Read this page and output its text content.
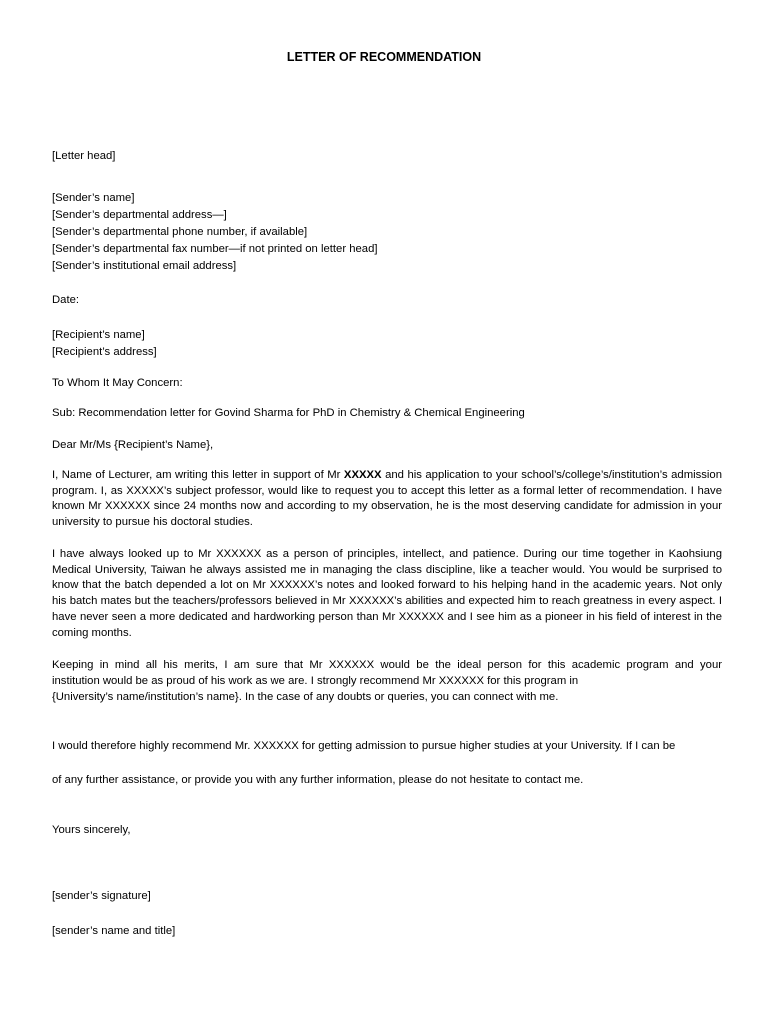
LETTER OF RECOMMENDATION
[Letter head]
[Sender’s name]
[Sender’s departmental address—]
[Sender’s departmental phone number, if available]
[Sender’s departmental fax number—if not printed on letter head]
[Sender’s institutional email address]
Date:
[Recipient’s name]
[Recipient’s address]
To Whom It May Concern:
Sub: Recommendation letter for Govind Sharma for PhD in Chemistry & Chemical Engineering
Dear Mr/Ms {Recipient’s Name},
I, Name of Lecturer, am writing this letter in support of Mr XXXXX and his application to your school’s/college’s/institution’s admission program. I, as XXXXX’s subject professor, would like to request you to accept this letter as a formal letter of recommendation. I have known Mr XXXXXX since 24 months now and according to my observation, he is the most deserving candidate for admission in your university to pursue his doctoral studies.
I have always looked up to Mr XXXXXX as a person of principles, intellect, and patience. During our time together in Kaohsiung Medical University, Taiwan he always assisted me in managing the class discipline, like a teacher would. You would be surprised to know that the batch depended a lot on Mr XXXXXX’s notes and looked forward to his helping hand in the academic years. Not only his batch mates but the teachers/professors believed in Mr XXXXXX’s abilities and expected him to reach greatness in every aspect. I have never seen a more dedicated and hardworking person than Mr XXXXXX and I see him as a pioneer in his field of interest in the coming months.
Keeping in mind all his merits, I am sure that Mr XXXXXX would be the ideal person for this academic program and your
institution would be as proud of his work as we are. I strongly recommend Mr XXXXXX for this program in
{University’s name/institution’s name}. In the case of any doubts or queries, you can connect with me.
I would therefore highly recommend Mr. XXXXXX for getting admission to pursue higher studies at your University. If I can be
of any further assistance, or provide you with any further information, please do not hesitate to contact me.
Yours sincerely,
[sender’s signature]
[sender’s name and title]
